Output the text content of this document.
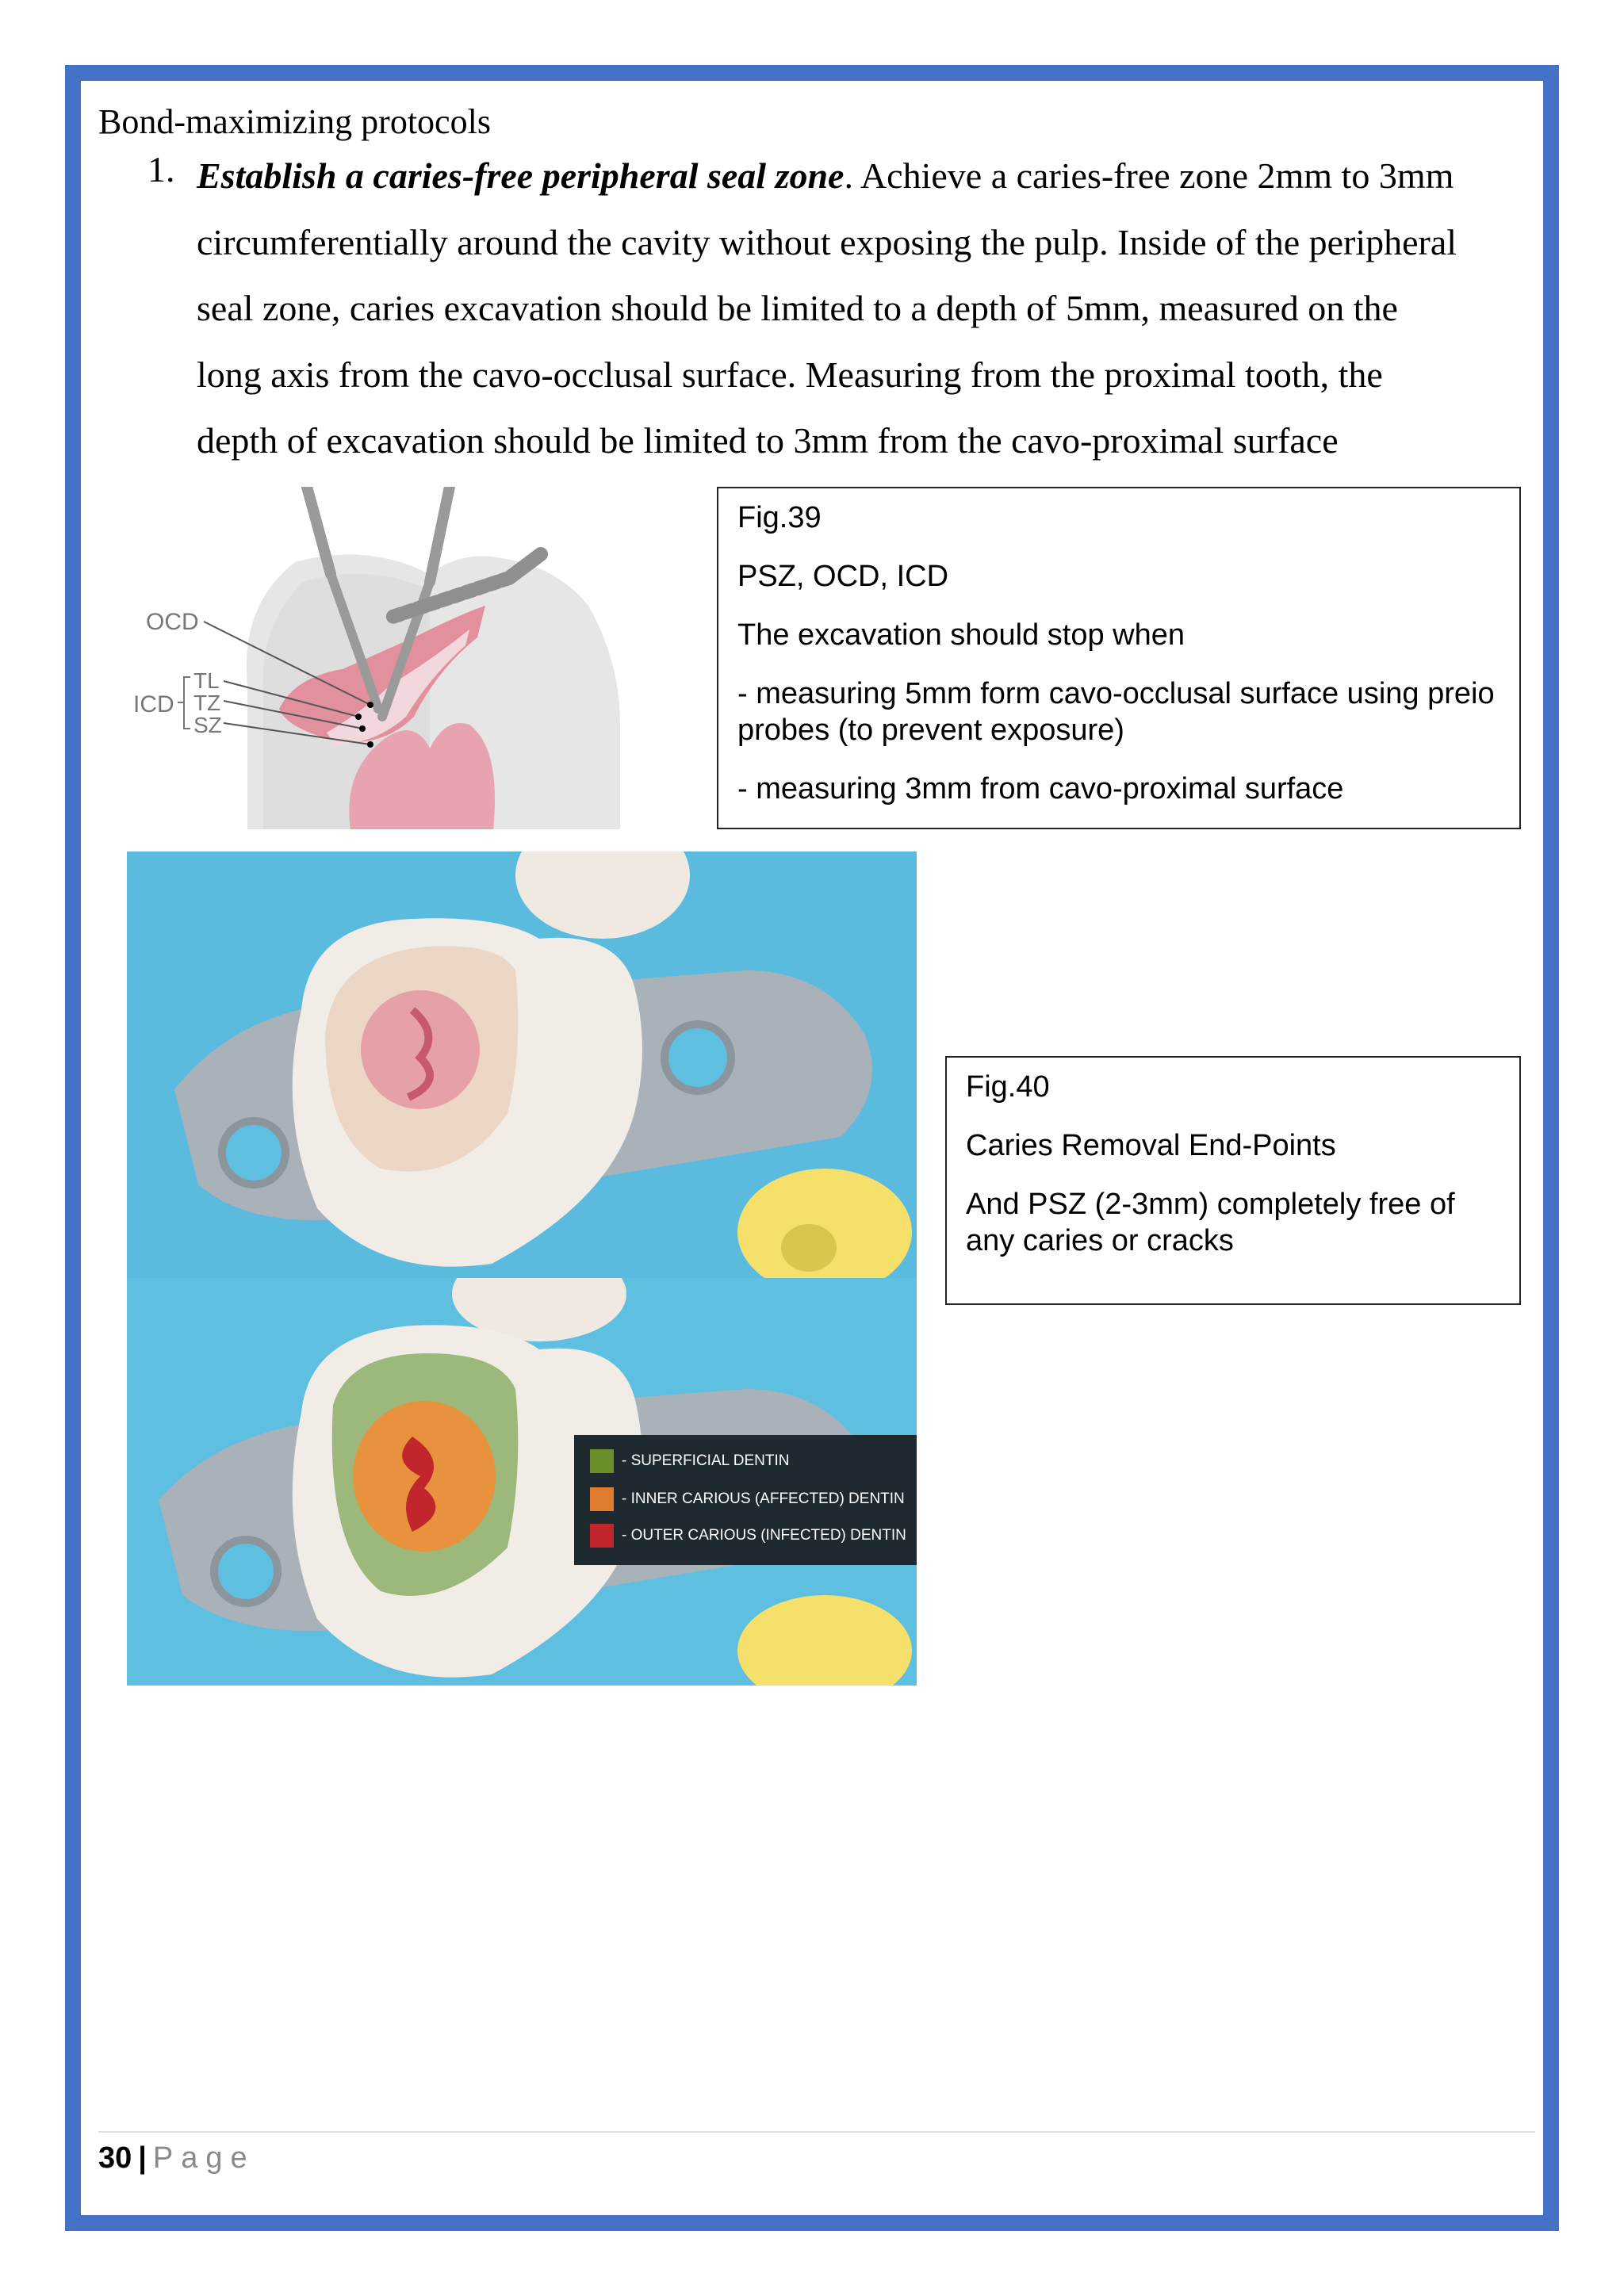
Bond-maximizing protocols
1. Establish a caries-free peripheral seal zone. Achieve a caries-free zone 2mm to 3mm
circumferentially around the cavity without exposing the pulp. Inside of the peripheral
seal zone, caries excavation should be limited to a depth of 5mm, measured on the
long axis from the cavo-occlusal surface. Measuring from the proximal tooth, the
depth of excavation should be limited to 3mm from the cavo-proximal surface
OCD
ICD
TL
TZ
SZ

Fig.39

PSZ, OCD, ICD

The excavation should stop when

- measuring 5mm form cavo-occlusal surface using preio probes (to prevent exposure)

- measuring 3mm from cavo-proximal surface

- SUPERFICIAL DENTIN
- INNER CARIOUS (AFFECTED) DENTIN
- OUTER CARIOUS (INFECTED) DENTIN

Fig.40

Caries Removal End-Points

And PSZ (2-3mm) completely free of any caries or cracks

30 | Page
